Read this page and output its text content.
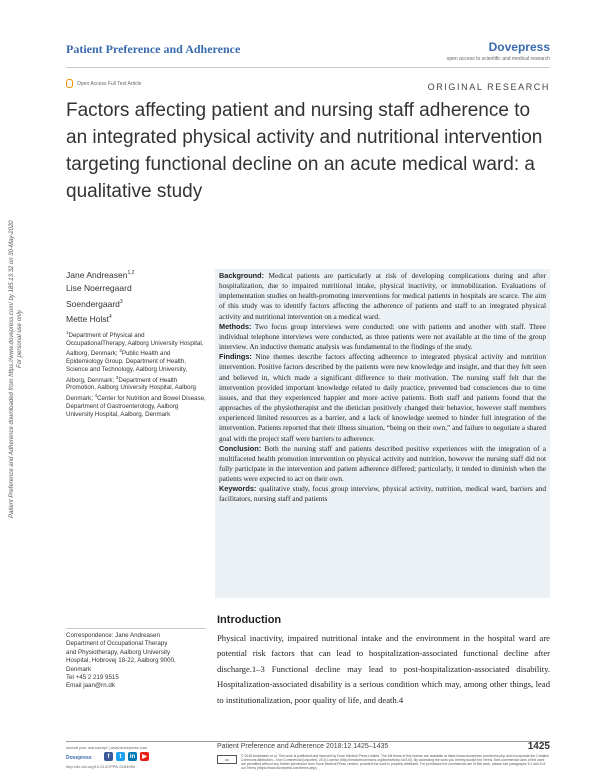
Patient Preference and Adherence	Dovepress
open access to scientific and medical research
Open Access Full Text Article	ORIGINAL RESEARCH
Factors affecting patient and nursing staff adherence to an integrated physical activity and nutritional intervention targeting functional decline on an acute medical ward: a qualitative study
Patient Preference and Adherence downloaded from https://www.dovepress.com/ by 185.13.32 on 30-May-2020 For personal use only.
Jane Andreasen$^{1,2}$
Lise Noerregaard
Soendergaard$^3$
Mette Holst$^4$
$^1$Department of Physical and OccupationalTherapy, Aalborg University Hospital, Aalborg, Denmark; $^2$Public Health and Epidemiology Group, Department of Health, Science and Technology, Aalborg University, Alborg, Denmark; $^3$Department of Health Promotion, Aalborg University Hospital, Aalborg Denmark; $^4$Center for Nutrition and Bowel Disease, Department of Gastroenterology, Aalborg University Hospital, Aalborg, Denmark

Background: Medical patients are particularly at risk of developing complications during and after hospitalization, due to impaired nutritional intake, physical inactivity, or immobilization. Evaluations of implementation studies on health-promoting interventions for medical patients in hospitals are scarce. The aim of this study was to identify factors affecting the adherence of patients and staff to an integrated physical activity and nutritional intervention on a medical ward.

Methods: Two focus group interviews were conducted: one with patients and another with staff. Three individual telephone interviews were conducted, as three patients were not available at the time of the group interview. An inductive thematic analysis was fundamental to the findings of the study.

Findings: Nine themes describe factors affecting adherence to integrated physical activity and nutrition intervention. Positive factors described by the patients were new knowledge and insight, and that they felt seen and believed in, which made a significant difference to their motivation. The nursing staff felt that the intervention provided important knowledge related to daily practice, prevented bad consciences due to time issues, and that they experienced happier and more active patients. Both staff and patients found that the approaches of the physiotherapist and the dietician positively changed their behavior, however staff members experienced limited resources as a barrier, and a lack of knowledge seemed to hinder full integration of the intervention. Patients reported that their illness situation, “being on their own,” and failure to negotiate a shared goal with the project staff were barriers to adherence.

Conclusion: Both the nursing staff and patients described positive experiences with the integration of a multifaceted health promotion intervention on physical activity and nutrition, however the nursing staff did not fully participate in the intervention and patient adherence differed; particularly, it tended to diminish when the patients were expected to act on their own.

Keywords: qualitative study, focus group interview, physical activity, nutrition, medical ward, barriers and facilitators, nursing staff and patients

Introduction
Physical inactivity, impaired nutritional intake and the environment in the hospital ward are potential risk factors that can lead to hospitalization-associated functional decline after discharge.1–3 Functional decline may lead to post-hospitalization-associated disability. Hospitalization-associated disability is a serious condition which may, among other things, lead to institutionalization, poor quality of life, and death.4
Correspondence: Jane Andreasen
Department of Occupational Therapy
and Physiotherapy, Aalborg University
Hospital, Hobrovej 18-22, Aalborg 9000,
Denmark
Tel +45 2 219 9515
Email jaan@rn.dk
submit your manuscript | www.dovepress.com
Dovepress	f	t	in	▶
http://dx.doi.org/10.2147/PPA.S164969
Patient Preference and Adherence 2018:12 1425–1435	1425
cc
© 2018 Andreasen et al. This work is published and licensed by Dove Medical Press Limited. The full terms of this license are available at https://www.dovepress.com/terms.php and incorporate the Creative Commons Attribution – Non Commercial (unported, v3.0) License (http://creativecommons.org/licenses/by-nc/3.0/). By accessing the work you hereby accept the Terms. Non-commercial uses of the work are permitted without any further permission from Dove Medical Press Limited, provided the work is properly attributed. For permission for commercial use of this work, please see paragraphs 4.2 and 5 of our Terms (https://www.dovepress.com/terms.php).
